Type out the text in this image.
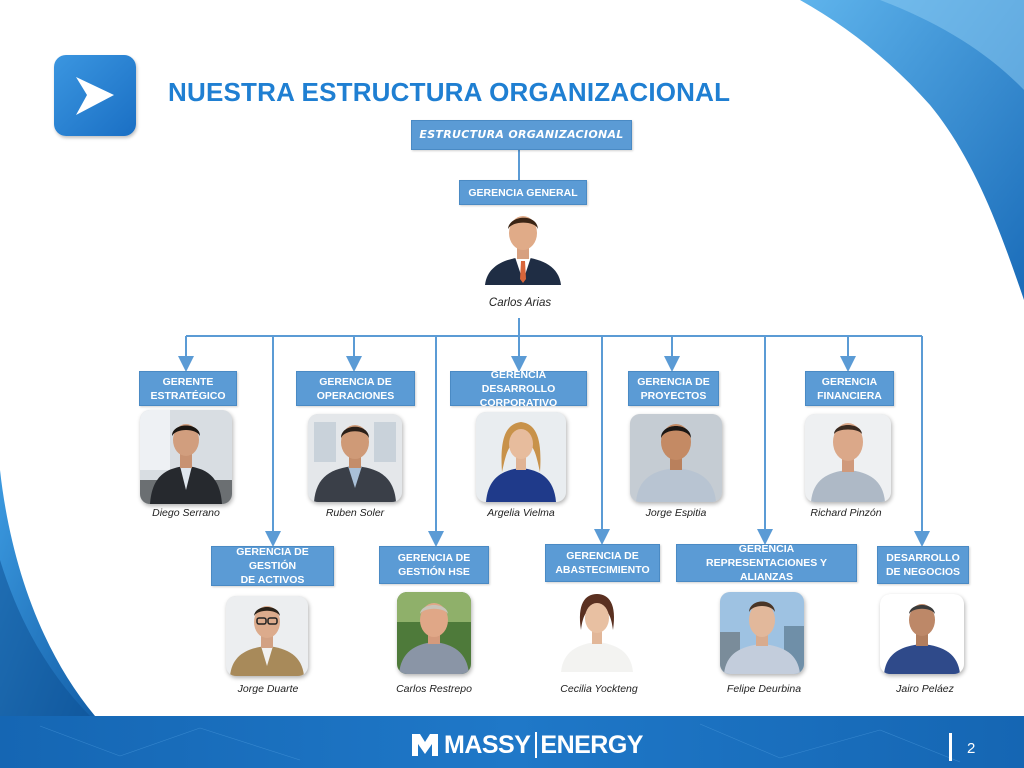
NUESTRA ESTRUCTURA ORGANIZACIONAL
ESTRUCTURA ORGANIZACIONAL
GERENCIA GENERAL
Carlos Arias
GERENTE
ESTRATÉGICO
GERENCIA DE
OPERACIONES
GERENCIA DESARROLLO
CORPORATIVO
GERENCIA DE
PROYECTOS
GERENCIA
FINANCIERA
Diego Serrano	Ruben Soler	Argelia Vielma	Jorge Espitia	Richard Pinzón
GERENCIA DE GESTIÓN
DE ACTIVOS
GERENCIA DE
GESTIÓN HSE
GERENCIA DE
ABASTECIMIENTO
GERENCIA
REPRESENTACIONES Y ALIANZAS
DESARROLLO
DE NEGOCIOS
Jorge Duarte	Carlos Restrepo	Cecilia Yockteng	Felipe Deurbina	Jairo Peláez
MASSY ENERGY	2
